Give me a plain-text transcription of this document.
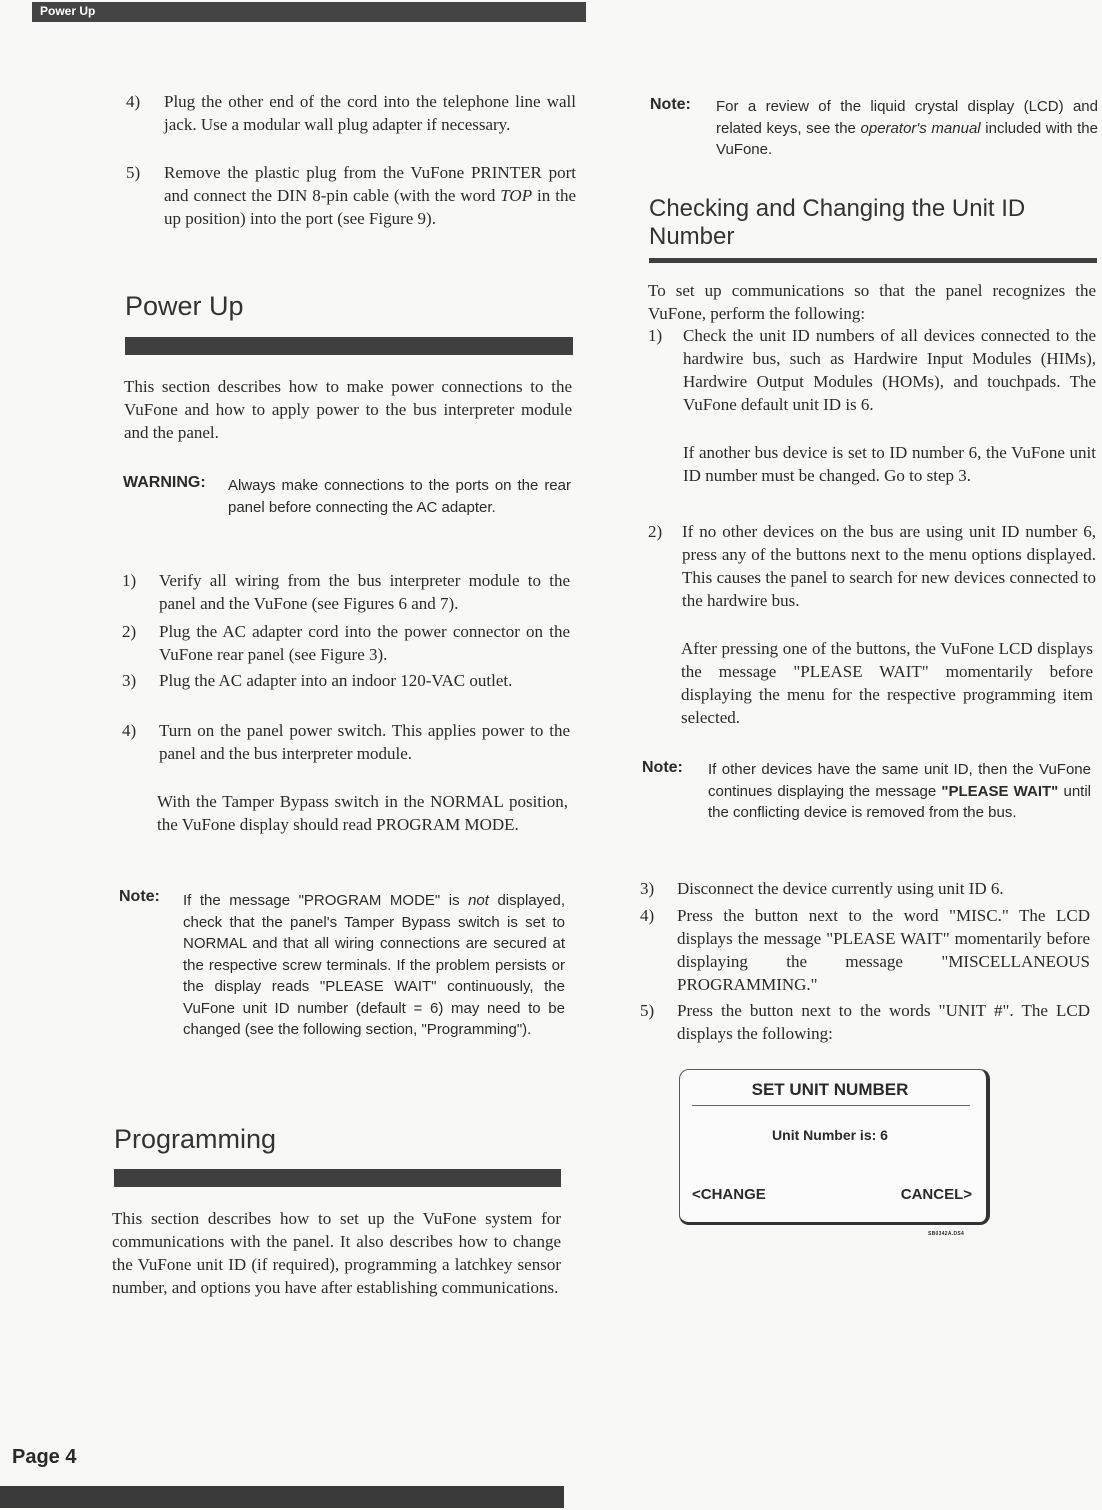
Power Up
4) Plug the other end of the cord into the telephone line wall jack. Use a modular wall plug adapter if necessary.
5) Remove the plastic plug from the VuFone PRINTER port and connect the DIN 8-pin cable (with the word TOP in the up position) into the port (see Figure 9).
Power Up
This section describes how to make power connections to the VuFone and how to apply power to the bus interpreter module and the panel.
WARNING: Always make connections to the ports on the rear panel before connecting the AC adapter.
1) Verify all wiring from the bus interpreter module to the panel and the VuFone (see Figures 6 and 7).
2) Plug the AC adapter cord into the power connector on the VuFone rear panel (see Figure 3).
3) Plug the AC adapter into an indoor 120-VAC outlet.
4) Turn on the panel power switch. This applies power to the panel and the bus interpreter module.
With the Tamper Bypass switch in the NORMAL position, the VuFone display should read PROGRAM MODE.
Note: If the message "PROGRAM MODE" is not displayed, check that the panel's Tamper Bypass switch is set to NORMAL and that all wiring connections are secured at the respective screw terminals. If the problem persists or the display reads "PLEASE WAIT" continuously, the VuFone unit ID number (default = 6) may need to be changed (see the following section, "Programming").
Programming
This section describes how to set up the VuFone system for communications with the panel. It also describes how to change the VuFone unit ID (if required), programming a latchkey sensor number, and options you have after establishing communications.
Note: For a review of the liquid crystal display (LCD) and related keys, see the operator's manual included with the VuFone.
Checking and Changing the Unit ID
Number
To set up communications so that the panel recognizes the VuFone, perform the following:
1) Check the unit ID numbers of all devices connected to the hardwire bus, such as Hardwire Input Modules (HIMs), Hardwire Output Modules (HOMs), and touchpads. The VuFone default unit ID is 6.
If another bus device is set to ID number 6, the VuFone unit ID number must be changed. Go to step 3.
2) If no other devices on the bus are using unit ID number 6, press any of the buttons next to the menu options displayed. This causes the panel to search for new devices connected to the hardwire bus.
After pressing one of the buttons, the VuFone LCD displays the message "PLEASE WAIT" momentarily before displaying the menu for the respective programming item selected.
Note: If other devices have the same unit ID, then the VuFone continues displaying the message "PLEASE WAIT" until the conflicting device is removed from the bus.
3) Disconnect the device currently using unit ID 6.
4) Press the button next to the word "MISC." The LCD displays the message "PLEASE WAIT" momentarily before displaying the message "MISCELLANEOUS PROGRAMMING."
5) Press the button next to the words "UNIT #". The LCD displays the following:
SET UNIT NUMBER
Unit Number is: 6
<CHANGE	CANCEL>
SB0342A.DS4
Page 4
